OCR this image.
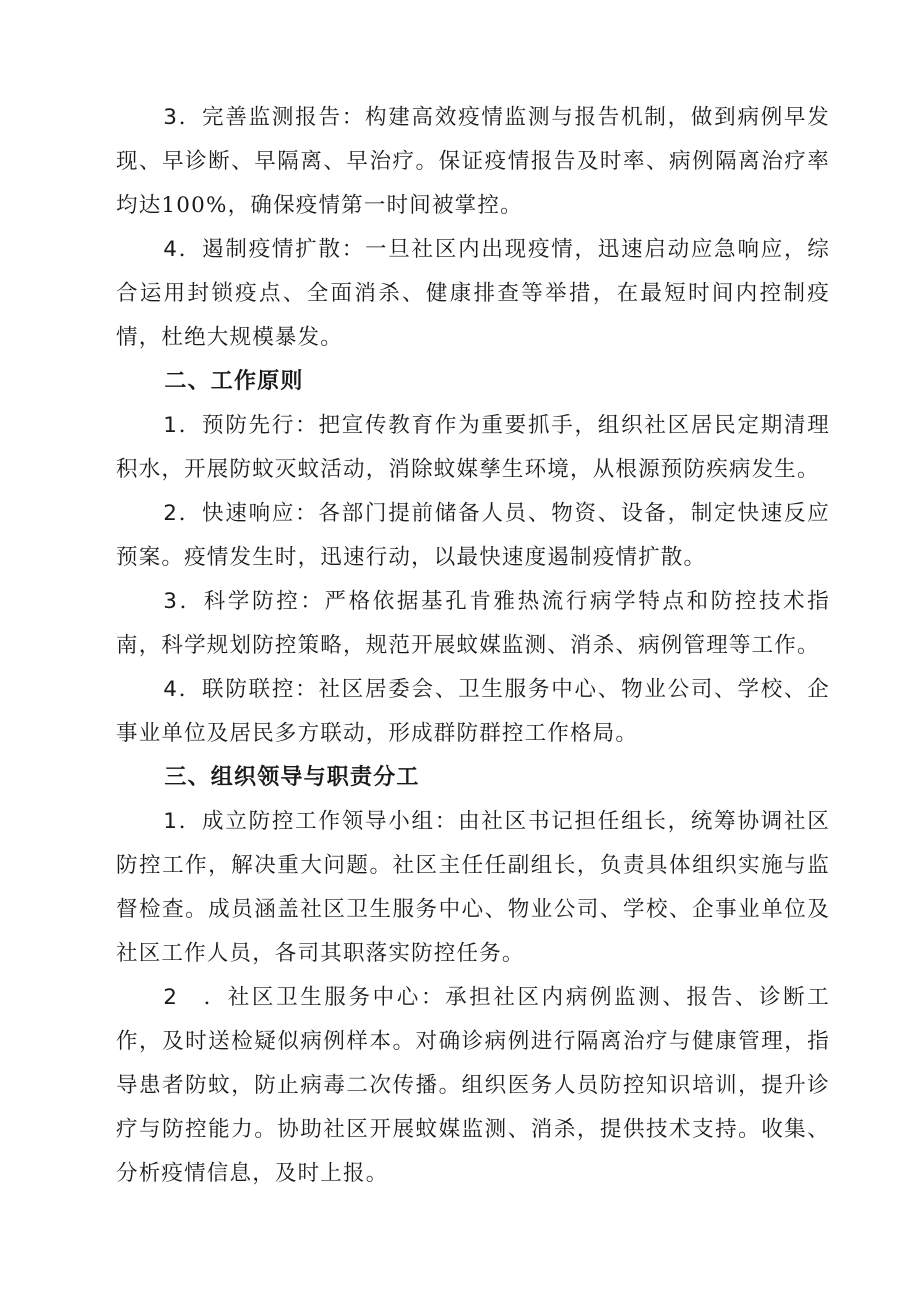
3．完善监测报告：构建高效疫情监测与报告机制，做到病例早发现、早诊断、早隔离、早治疗。保证疫情报告及时率、病例隔离治疗率均达100%，确保疫情第一时间被掌控。

4．遏制疫情扩散：一旦社区内出现疫情，迅速启动应急响应，综合运用封锁疫点、全面消杀、健康排查等举措，在最短时间内控制疫情，杜绝大规模暴发。

二、工作原则

1．预防先行：把宣传教育作为重要抓手，组织社区居民定期清理积水，开展防蚊灭蚊活动，消除蚊媒孳生环境，从根源预防疾病发生。

2．快速响应：各部门提前储备人员、物资、设备，制定快速反应预案。疫情发生时，迅速行动，以最快速度遏制疫情扩散。

3．科学防控：严格依据基孔肯雅热流行病学特点和防控技术指南，科学规划防控策略，规范开展蚊媒监测、消杀、病例管理等工作。

4．联防联控：社区居委会、卫生服务中心、物业公司、学校、企事业单位及居民多方联动，形成群防群控工作格局。

三、组织领导与职责分工

1．成立防控工作领导小组：由社区书记担任组长，统筹协调社区防控工作，解决重大问题。社区主任任副组长，负责具体组织实施与监督检查。成员涵盖社区卫生服务中心、物业公司、学校、企事业单位及社区工作人员，各司其职落实防控任务。

2 ．社区卫生服务中心：承担社区内病例监测、报告、诊断工作，及时送检疑似病例样本。对确诊病例进行隔离治疗与健康管理，指导患者防蚊，防止病毒二次传播。组织医务人员防控知识培训，提升诊疗与防控能力。协助社区开展蚊媒监测、消杀，提供技术支持。收集、分析疫情信息，及时上报。
